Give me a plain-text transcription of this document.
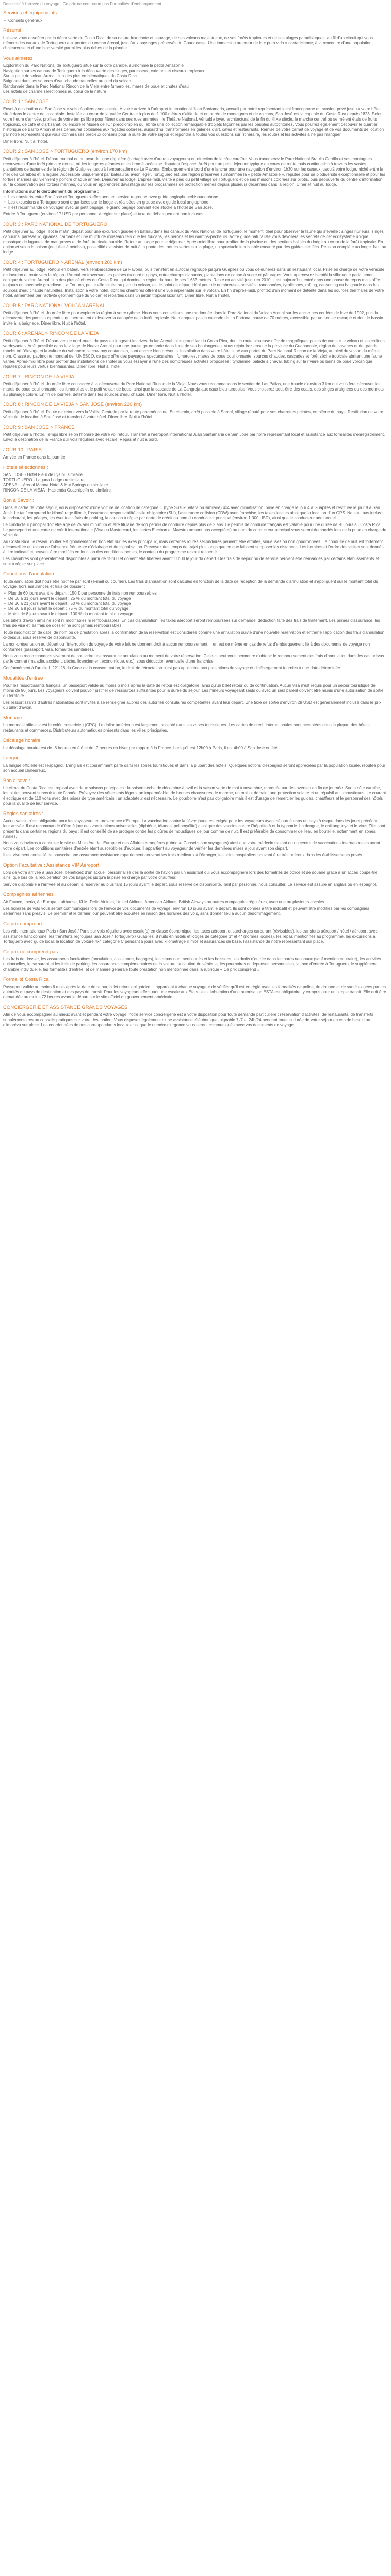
Descriptif à l'arrivée du voyage : Ce prix ne comprend pas Formalités d'embarquement

Services et équipements
• Conseils généraux
Résumé

Laissez-vous envoûter par la découverte du Costa Rica, de sa nature luxuriante et sauvage, de ses volcans majestueux, de ses forêts tropicales et de ses plages paradisiaques, au fil d'un circuit qui vous mènera des canaux de Tortuguero aux pentes du volcan Arenal, jusqu'aux paysages préservés du Guanacaste. Une immersion au cœur de la « pura vida » costaricienne, à la rencontre d'une population chaleureuse et d'une biodiversité parmi les plus riches de la planète.

Vous aimerez :
Exploration du Parc National de Tortuguero situé sur la côte caraïbe, surnommé la petite Amazonie
Navigation sur les canaux de Tortuguero à la découverte des singes, paresseux, caïmans et oiseaux tropicaux
Sur la piste du volcan Arenal, l'un des plus emblématiques du Costa Rica
Baignade dans les sources d'eau chaude naturelles au pied du volcan
Randonnée dans le Parc National Rincon de la Vieja entre fumerolles, mares de boue et chutes d'eau
Les hôtels de charme sélectionnés au cœur de la nature
JOUR 1 : SAN JOSE

Envol à destination de San José sur vols réguliers avec escale. À votre arrivée à l'aéroport international Juan Santamaria, accueil par notre représentant local francophone et transfert privé jusqu'à votre hôtel situé dans le centre de la capitale. Installée au cœur de la Vallée Centrale à plus de 1 100 mètres d'altitude et entourée de montagnes et de volcans, San José est la capitale du Costa Rica depuis 1823. Selon votre heure d'arrivée, profitez de votre temps libre pour flâner dans ses rues animées : le Théâtre National, véritable joyau architectural de la fin du XIXe siècle, le marché central où se mêlent étals de fruits tropicaux, de café et d'artisanat, ou encore le Musée de l'Or précolombien qui abrite une collection remarquable d'objets façonnés par les peuples autochtones. Vous pourrez également découvrir le quartier historique de Barrio Amón et ses demeures coloniales aux façades colorées, aujourd'hui transformées en galeries d'art, cafés et restaurants. Remise de votre carnet de voyage et de vos documents de location par notre représentant qui vous donnera ses précieux conseils pour la suite de votre séjour et répondra à toutes vos questions sur l'itinéraire, les routes et les activités à ne pas manquer.

Dîner libre. Nuit à l'hôtel.

JOUR 2 : SAN JOSE > TORTUGUERO (environ 170 km)

Petit déjeuner à l'hôtel. Départ matinal en autocar de ligne régulière (partagé avec d'autres voyageurs) en direction de la côte caraïbe. Vous traverserez le Parc National Braulio Carrillo et ses montagnes recouvertes d'une forêt primaire dense, où les fougères géantes et les broméliacées se disputent l'espace. Arrêt pour un petit déjeuner typique en cours de route, puis continuation à travers les vastes plantations de bananes de la région de Guápiles jusqu'à l'embarcadère de La Pavona. Embarquement à bord d'une lancha pour une navigation d'environ 1h30 sur les canaux jusqu'à votre lodge, niché entre la mer des Caraïbes et la lagune. Accessible uniquement par bateau ou avion léger, Tortuguero est une région préservée surnommée la « petite Amazonie », réputée pour sa biodiversité exceptionnelle et pour les tortues marines qui viennent y pondre chaque année. Déjeuner au lodge. L'après-midi, visite à pied du petit village de Tortuguero et de ses maisons colorées sur pilotis, puis découverte du centre d'information sur la conservation des tortues marines, où vous en apprendrez davantage sur les programmes de protection menés depuis plusieurs décennies dans la région. Dîner et nuit au lodge.

Informations sur le déroulement du programme :

• Les transferts entre San José et Tortuguero s'effectuent en service regroupé avec guide anglophone/hispanophone.
• Les excursions à Tortuguero sont organisées par le lodge et réalisées en groupe avec guide local anglophone.
• Il est recommandé de voyager avec un petit bagage, le grand bagage pouvant être stocké à l'hôtel de San José.

Entrée à Tortuguero (environ 17 USD par personne, à régler sur place) et taxe de débarquement non incluses.

JOUR 3 : PARC NATIONAL DE TORTUGUERO

Petit déjeuner au lodge. Tôt le matin, départ pour une excursion guidée en bateau dans les canaux du Parc National de Tortuguero, le moment idéal pour observer la faune qui s'éveille : singes hurleurs, singes capucins, paresseux, iguanes, caïmans et une multitude d'oiseaux tels que les toucans, les hérons et les martins-pêcheurs. Votre guide naturaliste vous dévoilera les secrets de cet écosystème unique, mosaïque de lagunes, de mangroves et de forêt tropicale humide. Retour au lodge pour le déjeuner. Après-midi libre pour profiter de la piscine ou des sentiers balisés du lodge au cœur de la forêt tropicale. En option et selon la saison (de juillet à octobre), possibilité d'assister de nuit à la ponte des tortues vertes sur la plage, un spectacle inoubliable encadré par des guides certifiés. Pension complète au lodge. Nuit au lodge.

JOUR 4 : TORTUGUERO > ARENAL (environ 200 km)

Petit déjeuner au lodge. Retour en bateau vers l'embarcadère de La Pavona, puis transfert en autocar regroupé jusqu'à Guápiles où vous déjeunerez dans un restaurant local. Prise en charge de votre véhicule de location et route vers la région d'Arenal en traversant les plaines du nord du pays, entre champs d'ananas, plantations de canne à sucre et pâturages. Vous apercevrez bientôt la silhouette parfaitement conique du volcan Arenal, l'un des plus célèbres du Costa Rica, qui domine la région du haut de ses 1 633 mètres. Resté en activité jusqu'en 2010, il est aujourd'hui entré dans une phase de repos mais offre toujours un spectacle grandiose. La Fortuna, petite ville située au pied du volcan, est le point de départ idéal pour de nombreuses activités : randonnées, tyroliennes, rafting, canyoning ou baignade dans les sources d'eau chaude naturelles. Installation à votre hôtel, dont les chambres offrent une vue imprenable sur le volcan. En fin d'après-midi, profitez d'un moment de détente dans les sources thermales de votre hôtel, alimentées par l'activité géothermique du volcan et réparties dans un jardin tropical luxuriant. Dîner libre. Nuit à l'hôtel.

JOUR 5 : PARC NATIONAL VOLCAN ARENAL

Petit déjeuner à l'hôtel. Journée libre pour explorer la région à votre rythme. Nous vous conseillons une randonnée dans le Parc National du Volcan Arenal sur les anciennes coulées de lave de 1992, puis la découverte des ponts suspendus qui permettent d'observer la canopée de la forêt tropicale. Ne manquez pas la cascade de La Fortuna, haute de 70 mètres, accessible par un sentier escarpé et dont le bassin invite à la baignade. Dîner libre. Nuit à l'hôtel.

JOUR 6 : ARENAL > RINCON DE LA VIEJA

Petit déjeuner à l'hôtel. Départ vers le nord-ouest du pays en longeant les rives du lac Arenal, plus grand lac du Costa Rica, dont la route sinueuse offre de magnifiques points de vue sur le volcan et les collines verdoyantes. Arrêt possible dans le village de Nuevo Arenal pour une pause gourmande dans l'une de ses boulangeries. Vous rejoindrez ensuite la province du Guanacaste, région de savanes et de grands ranchs où l'élevage et la culture du sabanero, le cow-boy costaricien, sont encore bien présents. Installation dans votre hôtel situé aux portes du Parc National Rincon de la Vieja, au pied du volcan du même nom. Classé au patrimoine mondial de l'UNESCO, ce parc offre des paysages spectaculaires : fumerolles, mares de boue bouillonnante, sources chaudes, cascades et forêt sèche tropicale abritant une faune variée. Après-midi libre pour profiter des installations de l'hôtel ou vous essayer à l'une des nombreuses activités proposées : tyrolienne, balade à cheval, tubing sur la rivière ou bains de boue volcanique réputés pour leurs vertus bienfaisantes. Dîner libre. Nuit à l'hôtel.

JOUR 7 : RINCON DE LA VIEJA

Petit déjeuner à l'hôtel. Journée libre consacrée à la découverte du Parc National Rincon de la Vieja. Nous vous recommandons le sentier de Las Pailas, une boucle d'environ 3 km qui vous fera découvrir les mares de boue bouillonnante, les fumerolles et le petit volcan de boue, ainsi que la cascade de La Cangreja aux eaux bleu turquoise. Vous croiserez peut-être des coatis, des singes araignées ou des motmots au plumage coloré. En fin de journée, détente dans les sources d'eau chaude. Dîner libre. Nuit à l'hôtel.

JOUR 8 : RINCON DE LA VIEJA > SAN JOSE (environ 220 km)

Petit déjeuner à l'hôtel. Route de retour vers la Vallée Centrale par la route panaméricaine. En chemin, arrêt possible à Sarchí, village réputé pour ses charrettes peintes, emblème du pays. Restitution de votre véhicule de location à San José et transfert à votre hôtel. Dîner libre. Nuit à l'hôtel.

JOUR 9 : SAN JOSE > FRANCE

Petit déjeuner à l'hôtel. Temps libre selon l'horaire de votre vol retour. Transfert à l'aéroport international Juan Santamaria de San José par notre représentant local et assistance aux formalités d'enregistrement. Envol à destination de la France sur vols réguliers avec escale. Repas et nuit à bord.

JOUR 10 : PARIS

Arrivée en France dans la journée.

Hôtels sélectionnés :
SAN JOSE - Hôtel Fleur de Lys ou similaire
TORTUGUERO - Laguna Lodge ou similaire
ARENAL - Arenal Manoa Hotel & Hot Springs ou similaire
RINCON DE LA VIEJA - Hacienda Guachipelín ou similaire
Bon à Savoir :

Dans le cadre de votre séjour, vous disposerez d'une voiture de location de catégorie C (type Suzuki Vitara ou similaire) 4x4 avec climatisation, prise en charge le jour 4 à Guápiles et restituée le jour 8 à San José. Le tarif comprend le kilométrage illimité, l'assurance responsabilité civile obligatoire (SLI), l'assurance collision (CDW) avec franchise, les taxes locales ainsi que la location d'un GPS. Ne sont pas inclus : le carburant, les péages, les éventuels frais de parking, la caution à régler par carte de crédit au nom du conducteur principal (environ 1 000 USD), ainsi que le conducteur additionnel.

Le conducteur principal doit être âgé de 25 ans minimum et être titulaire de son permis de conduire depuis plus de 2 ans. Le permis de conduire français est valable pour une durée de 90 jours au Costa Rica. Le passeport et une carte de crédit internationale (Visa ou Mastercard, les cartes Electron et Maestro ne sont pas acceptées) au nom du conducteur principal vous seront demandés lors de la prise en charge du véhicule.

Au Costa Rica, le réseau routier est globalement en bon état sur les axes principaux, mais certaines routes secondaires peuvent être étroites, sinueuses ou non goudronnées. La conduite de nuit est fortement déconseillée en raison de l'absence fréquente d'éclairage et de signalisation. Prévoyez des temps de trajet plus longs que ce que laissent supposer les distances. Les horaires et l'ordre des visites sont donnés à titre indicatif et peuvent être modifiés en fonction des conditions locales, le contenu du programme restant respecté.

Les chambres sont généralement disponibles à partir de 15h00 et doivent être libérées avant 11h00 le jour du départ. Des frais de séjour ou de service peuvent être demandés par certains établissements et sont à régler sur place.

Conditions d'annulation

Toute annulation doit nous être notifiée par écrit (e-mail ou courrier). Les frais d'annulation sont calculés en fonction de la date de réception de la demande d'annulation et s'appliquent sur le montant total du voyage, hors assurances et frais de dossier :

• Plus de 60 jours avant le départ : 150 € par personne de frais non remboursables
• De 60 à 31 jours avant le départ : 25 % du montant total du voyage
• De 30 à 21 jours avant le départ : 50 % du montant total du voyage
• De 20 à 8 jours avant le départ : 75 % du montant total du voyage
• Moins de 8 jours avant le départ : 100 % du montant total du voyage

Les billets d'avion émis ne sont ni modifiables ni remboursables. En cas d'annulation, les taxes aéroport seront remboursées sur demande, déduction faite des frais de traitement. Les primes d'assurance, les frais de visa et les frais de dossier ne sont jamais remboursables.

Toute modification de date, de nom ou de prestation après la confirmation de la réservation est considérée comme une annulation suivie d'une nouvelle réservation et entraîne l'application des frais d'annulation ci-dessus, sous réserve de disponibilité.

La non-présentation au départ ou l'interruption du voyage de votre fait ne donnent droit à aucun remboursement. Il en est de même en cas de refus d'embarquement lié à des documents de voyage non conformes (passeport, visa, formalités sanitaires).

Nous vous recommandons vivement de souscrire une assurance annulation au moment de votre réservation. Celle-ci peut vous permettre d'obtenir le remboursement des frais d'annulation dans les cas prévus par le contrat (maladie, accident, décès, licenciement économique, etc.), sous déduction éventuelle d'une franchise.

Conformément à l'article L.221-28 du Code de la consommation, le droit de rétractation n'est pas applicable aux prestations de voyage et d'hébergement fournies à une date déterminée.

Modalités d'entrée

Pour les ressortissants français, un passeport valide au moins 6 mois après la date de retour est obligatoire, ainsi qu'un billet retour ou de continuation. Aucun visa n'est requis pour un séjour touristique de moins de 90 jours. Les voyageurs doivent pouvoir justifier de ressources suffisantes pour la durée du séjour. Les mineurs voyageant seuls ou avec un seul parent doivent être munis d'une autorisation de sortie du territoire.

Les ressortissants d'autres nationalités sont invités à se renseigner auprès des autorités consulaires compétentes avant leur départ. Une taxe de sortie d'environ 29 USD est généralement incluse dans le prix du billet d'avion.

Monnaie

La monnaie officielle est le colón costaricien (CRC). Le dollar américain est largement accepté dans les zones touristiques. Les cartes de crédit internationales sont acceptées dans la plupart des hôtels, restaurants et commerces. Distributeurs automatiques présents dans les villes principales.

Décalage horaire

Le décalage horaire est de -8 heures en été et de -7 heures en hiver par rapport à la France. Lorsqu'il est 12h00 à Paris, il est 4h00 à San José en été.

Langue

La langue officielle est l'espagnol. L'anglais est couramment parlé dans les zones touristiques et dans la plupart des hôtels. Quelques notions d'espagnol seront appréciées par la population locale, réputée pour son accueil chaleureux.

Bon à savoir

Le climat du Costa Rica est tropical avec deux saisons principales : la saison sèche de décembre à avril et la saison verte de mai à novembre, marquée par des averses en fin de journée. Sur la côte caraïbe, les pluies peuvent survenir toute l'année. Prévoyez des vêtements légers, un imperméable, de bonnes chaussures de marche, un maillot de bain, une protection solaire et un répulsif anti-moustiques. Le courant électrique est de 110 volts avec des prises de type américain : un adaptateur est nécessaire. Le pourboire n'est pas obligatoire mais il est d'usage de remercier les guides, chauffeurs et le personnel des hôtels pour la qualité de leur service.

Règles sanitaires :

Aucun vaccin n'est obligatoire pour les voyageurs en provenance d'Europe. La vaccination contre la fièvre jaune est exigée pour les voyageurs ayant séjourné dans un pays à risque dans les jours précédant leur arrivée. Il est recommandé d'être à jour des vaccinations universelles (diphtérie, tétanos, poliomyélite) ainsi que des vaccins contre l'hépatite A et la typhoïde. La dengue, le chikungunya et le virus Zika sont présents dans certaines régions du pays : il est conseillé de se protéger contre les piqûres de moustiques de jour comme de nuit. Il est préférable de consommer de l'eau en bouteille, notamment en zones rurales.

Nous vous invitons à consulter le site du Ministère de l'Europe et des Affaires étrangères (rubrique Conseils aux voyageurs) ainsi que votre médecin traitant ou un centre de vaccinations internationales avant votre départ. Les conditions sanitaires d'entrée étant susceptibles d'évoluer, il appartient au voyageur de vérifier les dernières mises à jour avant son départ.

Il est vivement conseillé de souscrire une assurance assistance rapatriement couvrant les frais médicaux à l'étranger, les soins hospitaliers pouvant être très onéreux dans les établissements privés.

Option Facultative : Assistance VIP Aéroport

Lors de votre arrivée à San José, bénéficiez d'un accueil personnalisé dès la sortie de l'avion par un assistant qui vous accompagnera lors des formalités de police et de douane grâce à un accès coupe-file, ainsi que lors de la récupération de vos bagages jusqu'à la prise en charge par votre chauffeur.

Service disponible à l'arrivée et au départ, à réserver au plus tard 15 jours avant le départ, sous réserve de disponibilité. Tarif par personne, nous consulter. Le service est assuré en anglais ou en espagnol.

Compagnies aériennes

Air France, Iberia, Air Europa, Lufthansa, KLM, Delta Airlines, United Airlines, American Airlines, British Airways ou autres compagnies régulières, avec une ou plusieurs escales.

Les horaires de vols vous seront communiqués lors de l'envoi de vos documents de voyage, environ 10 jours avant le départ. Ils sont donnés à titre indicatif et peuvent être modifiés par les compagnies aériennes sans préavis. Le premier et le dernier jour peuvent être écourtés en raison des horaires des vols, sans donner lieu à aucun dédommagement.

Ce prix comprend

Les vols internationaux Paris / San José / Paris sur vols réguliers avec escale(s) en classe économique, les taxes aéroport et surcharges carburant (révisables), les transferts aéroport / hôtel / aéroport avec assistance francophone, les transferts regroupés San José / Tortuguero / Guápiles, 8 nuits en hôtels et lodges de catégorie 3* et 4* (normes locales), les repas mentionnés au programme, les excursions à Tortuguero avec guide local, la location de voiture 4x4 catégorie C pendant 5 jours avec kilométrage illimité et assurances de base, l'assistance de notre représentant sur place.

Ce prix ne comprend pas

Les frais de dossier, les assurances facultatives (annulation, assistance, bagages), les repas non mentionnés et les boissons, les droits d'entrée dans les parcs nationaux (sauf mention contraire), les activités optionnelles, le carburant et les frais de parking, les assurances complémentaires de la voiture, la caution du véhicule, les pourboires et dépenses personnelles, la taxe d'entrée à Tortuguero, le supplément chambre individuelle, les formalités d'entrée, et de manière générale toute prestation non mentionnée dans la rubrique « Ce prix comprend ».

Formalité Costa Rica

Passeport valide au moins 6 mois après la date de retour, billet retour obligatoire. Il appartient à chaque voyageur de vérifier qu'il est en règle avec les formalités de police, de douane et de santé exigées par les autorités du pays de destination et des pays de transit. Pour les voyageurs effectuant une escale aux États-Unis, l'obtention d'une autorisation ESTA est obligatoire, y compris pour un simple transit. Elle doit être demandée au moins 72 heures avant le départ sur le site officiel du gouvernement américain.

CONCIERGERIE ET ASSISTANCE GRANDS VOYAGES

Afin de vous accompagner au mieux avant et pendant votre voyage, notre service conciergerie est à votre disposition pour toute demande particulière : réservation d'activités, de restaurants, de transferts supplémentaires ou conseils pratiques sur votre destination. Vous disposez également d'une assistance téléphonique joignable 7j/7 et 24h/24 pendant toute la durée de votre séjour en cas de besoin ou d'imprévu sur place. Les coordonnées de nos correspondants locaux ainsi que le numéro d'urgence vous seront communiqués avec vos documents de voyage.
